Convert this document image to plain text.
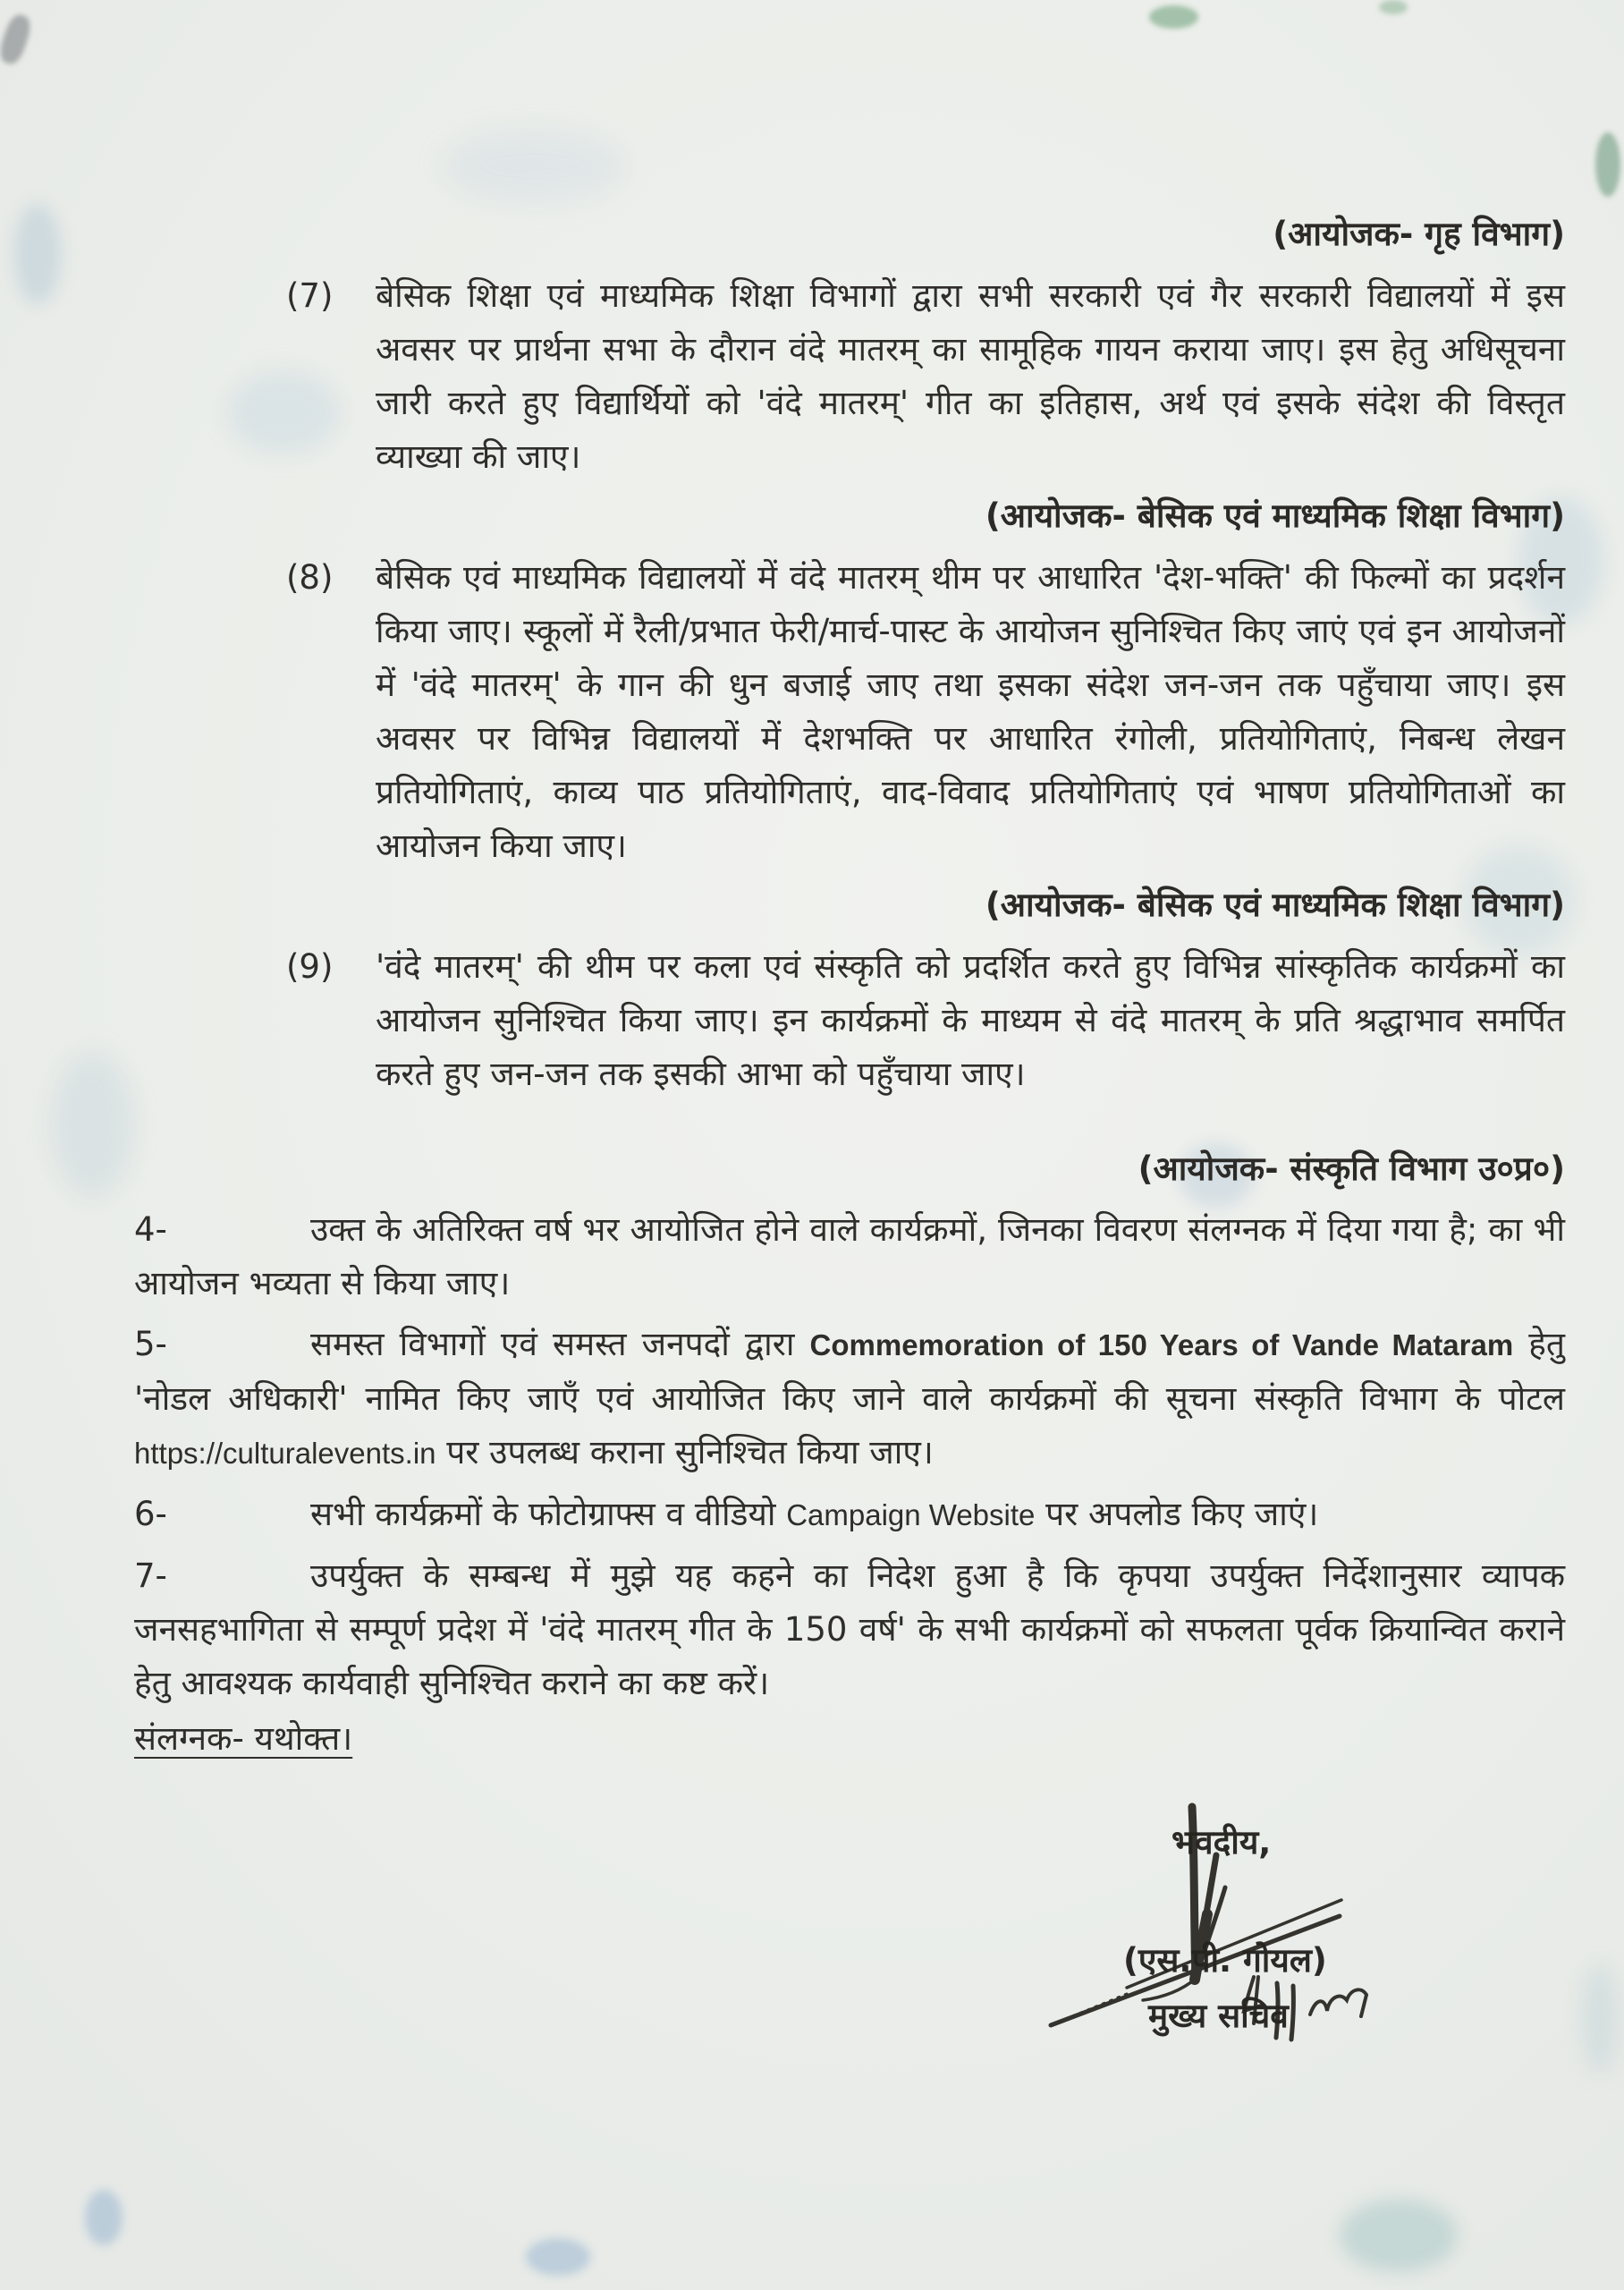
(आयोजक- गृह विभाग)
(7)	बेसिक शिक्षा एवं माध्यमिक शिक्षा विभागों द्वारा सभी सरकारी एवं गैर सरकारी विद्यालयों में इस अवसर पर प्रार्थना सभा के दौरान वंदे मातरम् का सामूहिक गायन कराया जाए। इस हेतु अधिसूचना जारी करते हुए विद्यार्थियों को 'वंदे मातरम्' गीत का इतिहास, अर्थ एवं इसके संदेश की विस्तृत व्याख्या की जाए।

(आयोजक- बेसिक एवं माध्यमिक शिक्षा विभाग)
(8)	बेसिक एवं माध्यमिक विद्यालयों में वंदे मातरम् थीम पर आधारित 'देश-भक्ति' की फिल्मों का प्रदर्शन किया जाए। स्कूलों में रैली/प्रभात फेरी/मार्च-पास्ट के आयोजन सुनिश्चित किए जाएं एवं इन आयोजनों में 'वंदे मातरम्' के गान की धुन बजाई जाए तथा इसका संदेश जन-जन तक पहुँचाया जाए। इस अवसर पर विभिन्न विद्यालयों में देशभक्ति पर आधारित रंगोली, प्रतियोगिताएं, निबन्ध लेखन प्रतियोगिताएं, काव्य पाठ प्रतियोगिताएं, वाद-विवाद प्रतियोगिताएं एवं भाषण प्रतियोगिताओं का आयोजन किया जाए।

(आयोजक- बेसिक एवं माध्यमिक शिक्षा विभाग)
(9)	'वंदे मातरम्' की थीम पर कला एवं संस्कृति को प्रदर्शित करते हुए विभिन्न सांस्कृतिक कार्यक्रमों का आयोजन सुनिश्चित किया जाए। इन कार्यक्रमों के माध्यम से वंदे मातरम् के प्रति श्रद्धाभाव समर्पित करते हुए जन-जन तक इसकी आभा को पहुँचाया जाए।

(आयोजक- संस्कृति विभाग उ०प्र०)

4-	उक्त के अतिरिक्त वर्ष भर आयोजित होने वाले कार्यक्रमों, जिनका विवरण संलग्नक में दिया गया है; का भी आयोजन भव्यता से किया जाए।

5-	समस्त विभागों एवं समस्त जनपदों द्वारा Commemoration of 150 Years of Vande Mataram हेतु 'नोडल अधिकारी' नामित किए जाएँ एवं आयोजित किए जाने वाले कार्यक्रमों की सूचना संस्कृति विभाग के पोटल https://culturalevents.in पर उपलब्ध कराना सुनिश्चित किया जाए।

6-	सभी कार्यक्रमों के फोटोग्राफ्स व वीडियो Campaign Website पर अपलोड किए जाएं।

7-	उपर्युक्त के सम्बन्ध में मुझे यह कहने का निदेश हुआ है कि कृपया उपर्युक्त निर्देशानुसार व्यापक जनसहभागिता से सम्पूर्ण प्रदेश में 'वंदे मातरम् गीत के 150 वर्ष' के सभी कार्यक्रमों को सफलता पूर्वक क्रियान्वित कराने हेतु आवश्यक कार्यवाही सुनिश्चित कराने का कष्ट करें।

संलग्नक- यथोक्त।

भवदीय,
(एस.पी. गोयल)
मुख्य सचिव
